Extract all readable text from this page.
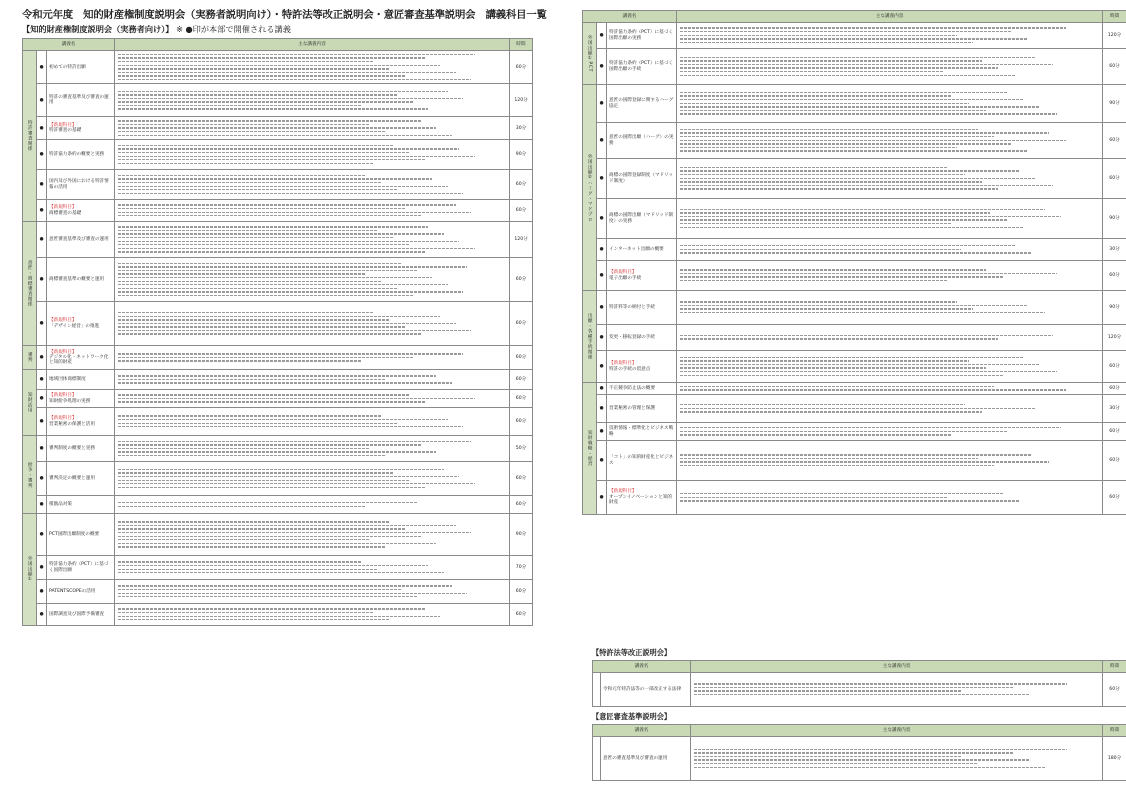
令和元年度　知的財産権制度説明会（実務者説明向け）・特許法等改正説明会・意匠審査基準説明会　講義科目一覧
【知的財産権制度説明会（実務者向け）】 ※ ●印が本部で開催される講義
講義名			主な講義内容	時間
特許審査関係	●	初めての特許出願		60分
	●	特許の審査基準及び審査の運用		120分
	●	【新規科目】
特許審査の基礎		30分
	●	特許協力条約の概要と実務		90分
	●	国内及び外国における特許情報の活用		60分
	●	【新規科目】
商標審査の基礎		60分
意匠・商標審査関係	●	意匠審査基準及び審査の運用		120分
	●	商標審査基準の概要と運用		60分
	●	【新規科目】
「デザイン経営」の推進		60分
審判	●	【新規科目】
デジタル化・ネットワーク化と知的財産		60分
知財活用	●	地域団体商標制度		60分
	●	【新規科目】
知財紛争処理の実務		60分
	●	【新規科目】
営業秘密の保護と活用		60分
紛争・審判	●	審判制度の概要と実務		50分
	●	審判決定の概要と運用		60分
	●	模倣品対策		60分
外国出願①	●	PCT国際出願制度の概要		90分
	●	特許協力条約（PCT）に基づく国際出願		70分
	●	PATENTSCOPEの活用		60分
	●	国際調査及び国際予備審査		60分
講義名			主な講義内容	時間
外国出願①PCT	●	特許協力条約（PCT）に基づく国際出願の実務		120分
	●	特許協力条約（PCT）に基づく国際出願の手続		60分
外国出願②ハーグ・マドプロ	●	意匠の国際登録に関するハーグ協定		90分
	●	意匠の国際出願（ハーグ）の実務		60分
	●	商標の国際登録制度（マドリッド制度）		60分
	●	商標の国際出願（マドリッド制度）の実務		90分
	●	インターネット出願の概要		30分
	●	【新規科目】
電子出願の手続		60分
出願・各種手続関連	●	特許料等の納付と手続		90分
	●	変更・移転登録の手続		120分
	●	【新規科目】
特許の手続の留意点		60分
知財戦略・経営	●	不正競争防止法の概要		60分
	●	営業秘密の管理と保護		30分
	●	技術情報・標準化とビジネス戦略		60分
	●	「コト」の知的財産化とビジネス		60分
	●	【新規科目】
オープンイノベーションと知的財産		60分
【特許法等改正説明会】
講義名		主な講義内容	時間
	令和元年特許法等の一部改正する法律		60分
【意匠審査基準説明会】
講義名		主な講義内容	時間
	意匠の審査基準及び審査の運用		180分
